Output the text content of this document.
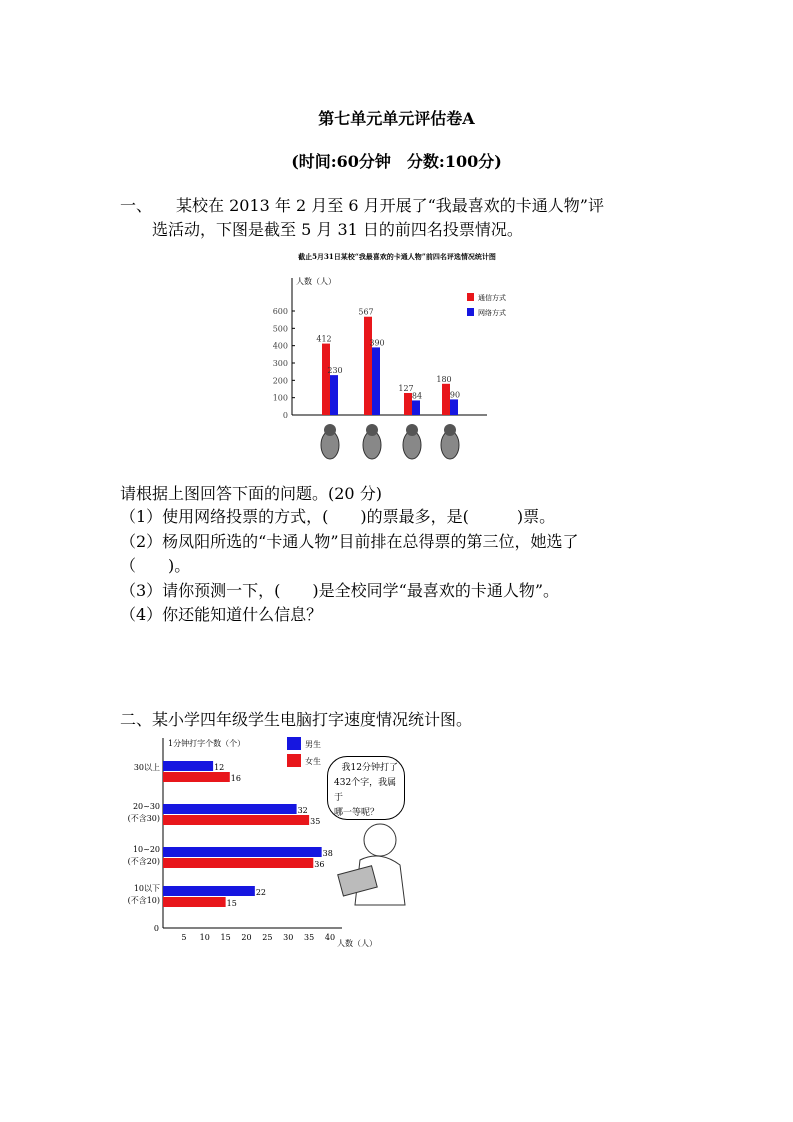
第七单元单元评估卷A
(时间:60分钟　分数:100分)
一、 某校在 2013 年 2 月至 6 月开展了“我最喜欢的卡通人物”评
选活动，下图是截至 5 月 31 日的前四名投票情况。
截止5月31日某校“我最喜欢的卡通人物”前四名评选情况统计图
人数（人）
0
100
200
300
400
500
600
412
230
567
390
127
84
180
90
通信方式
网络方式
请根据上图回答下面的问题。(20 分)
（1）使用网络投票的方式，(　　)的票最多，是(　　　)票。
（2）杨凤阳所选的“卡通人物”目前排在总得票的第三位，她选了
（　　)。
（3）请你预测一下，(　　)是全校同学“最喜欢的卡通人物”。
（4）你还能知道什么信息？
二、某小学四年级学生电脑打字速度情况统计图。
1分钟打字个数（个）
人数（人）
0
5 10 15 20 25 30 35 40
30以上	12
16
20~30
(不含30)
32
35
10~20
(不含20)
38
36
10以下
(不含10)
22
15
男生
女生
我12分钟打了
432个字，我属于
哪一等呢？
